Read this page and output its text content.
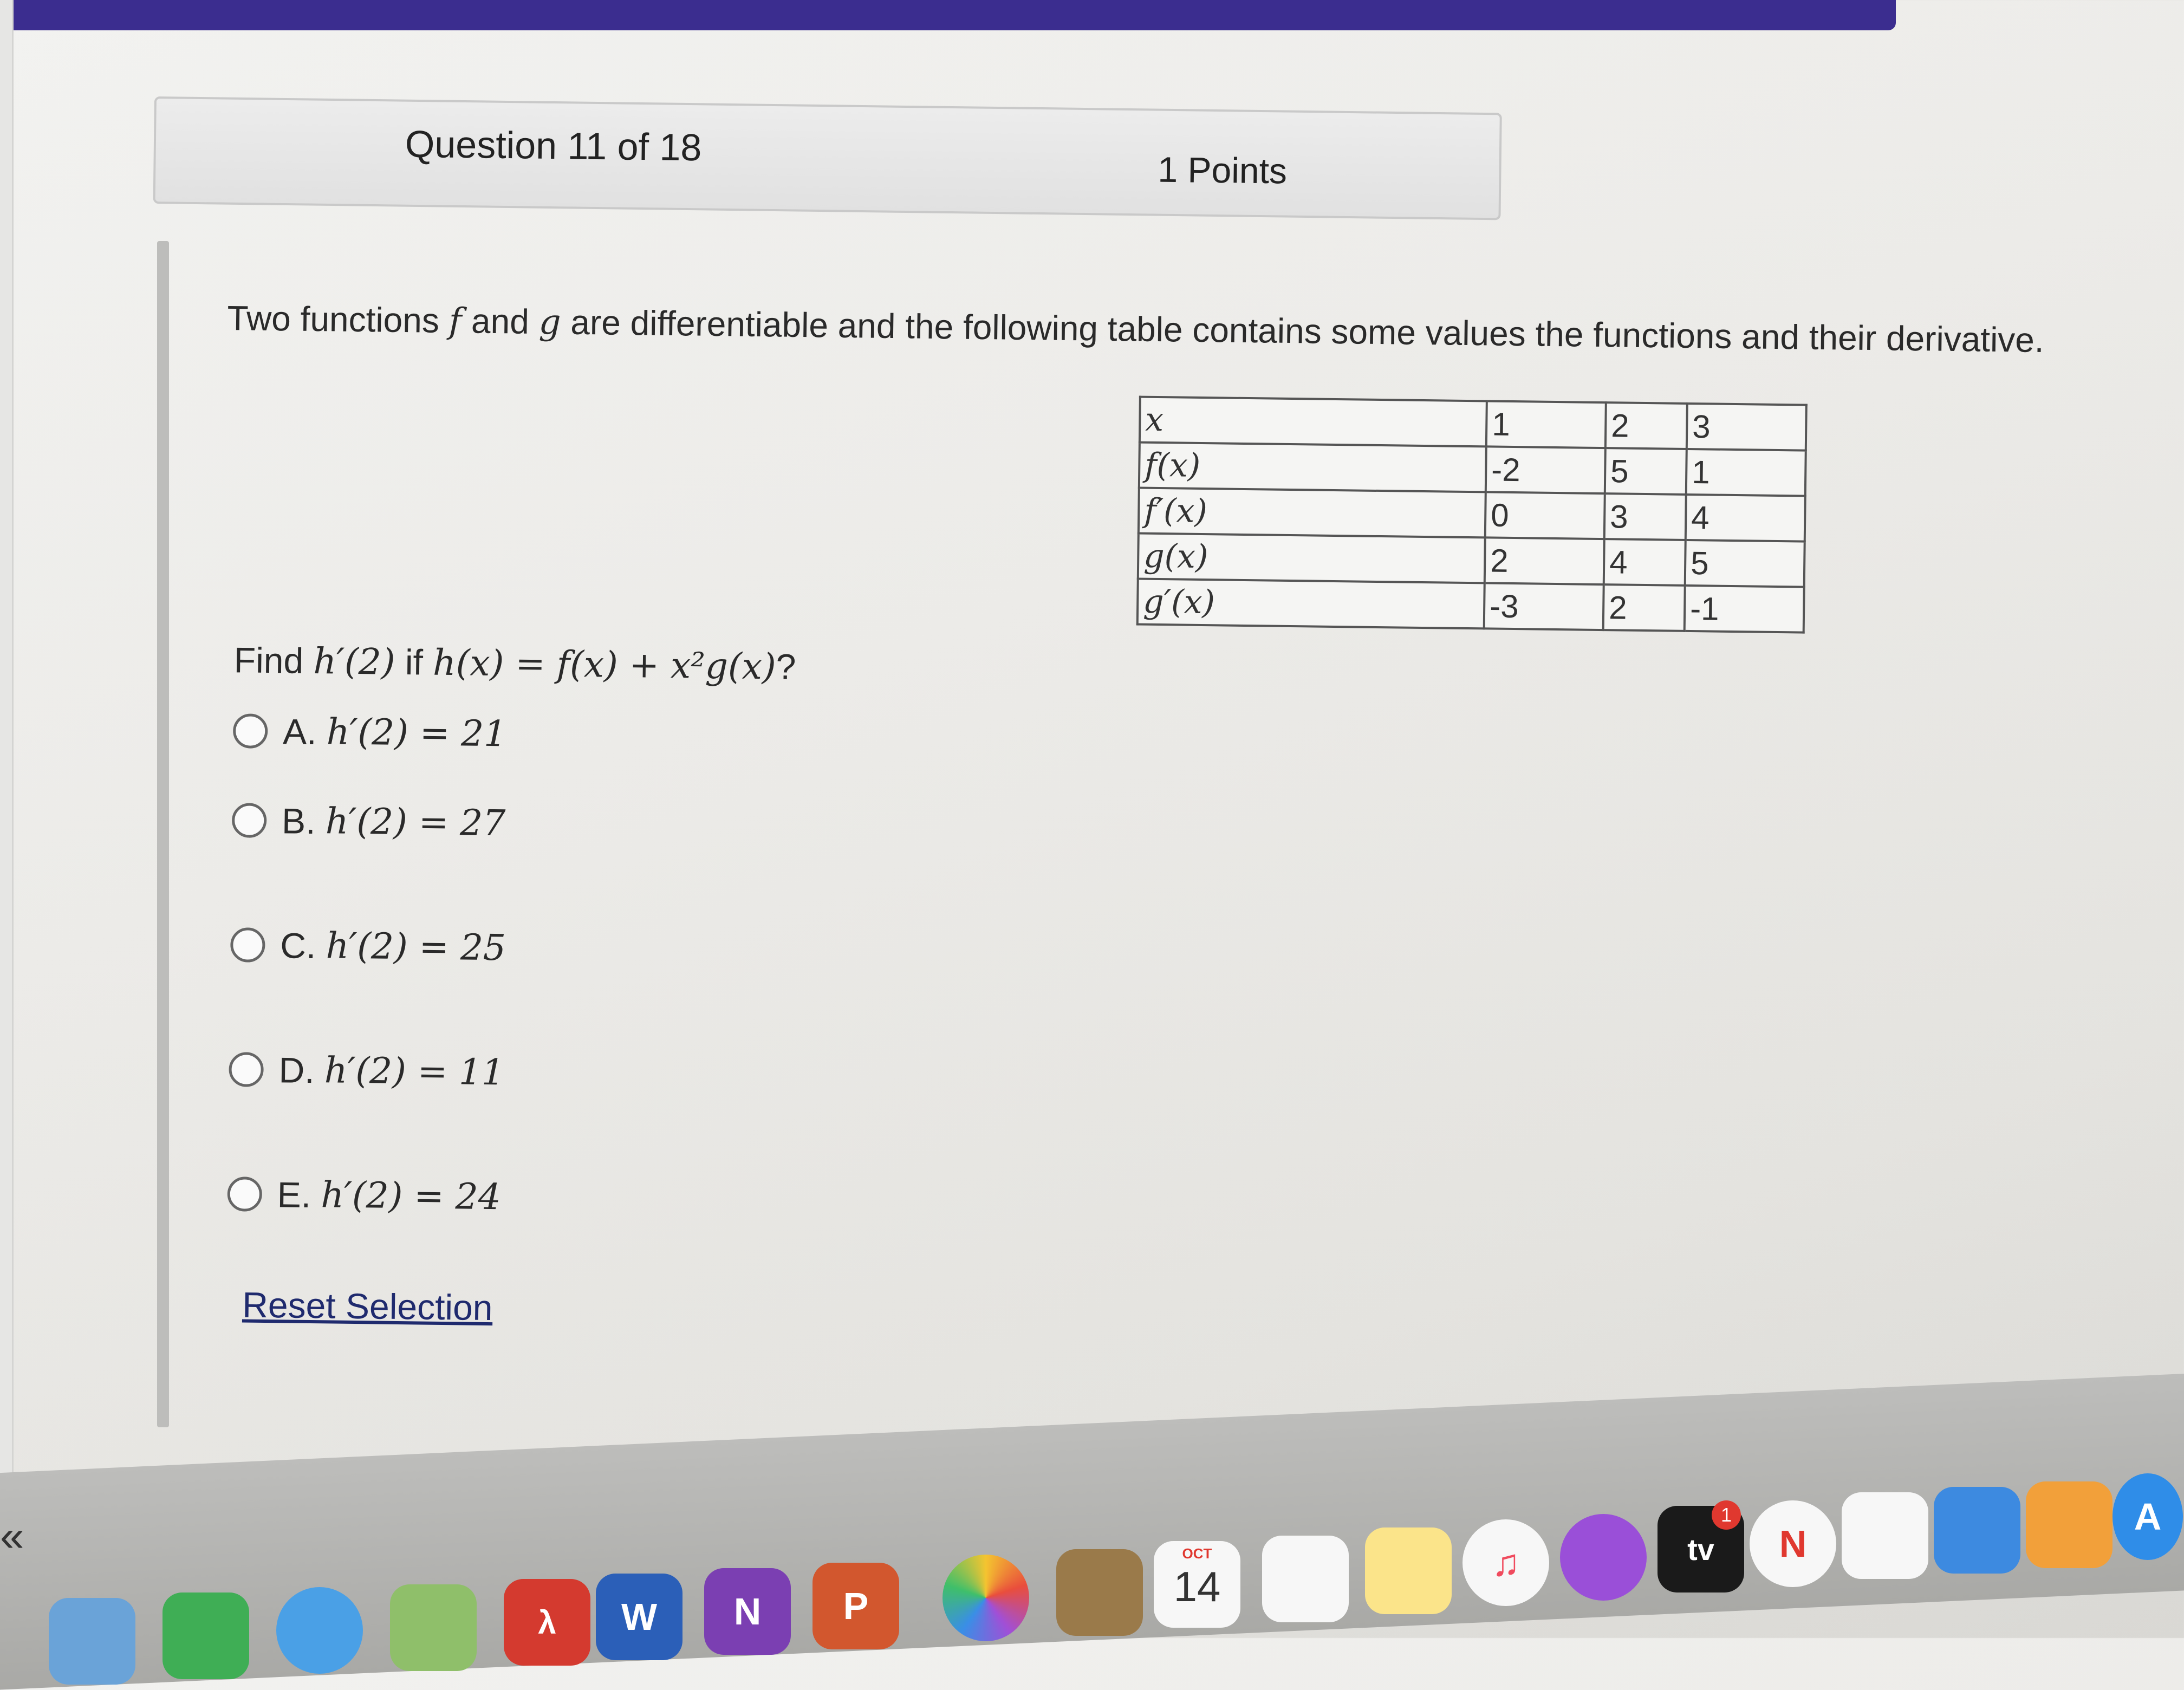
Question 11 of 18
1 Points
Two functions f and g are differentiable and the following table contains some values the functions and their derivative.
x	1	2	3
f(x)	-2	5	1
f′(x)	0	3	4
g(x)	2	4	5
g′(x)	-3	2	-1
Find h′(2) if h(x) = f(x) + x²g(x)?
A.
h′(2) = 21
B.
h′(2) = 27
C.
h′(2) = 25
D.
h′(2) = 11
E.
h′(2) = 24
Reset Selection
«
λ	W	N	P
OCT
14	♫	tv
1
N
A
